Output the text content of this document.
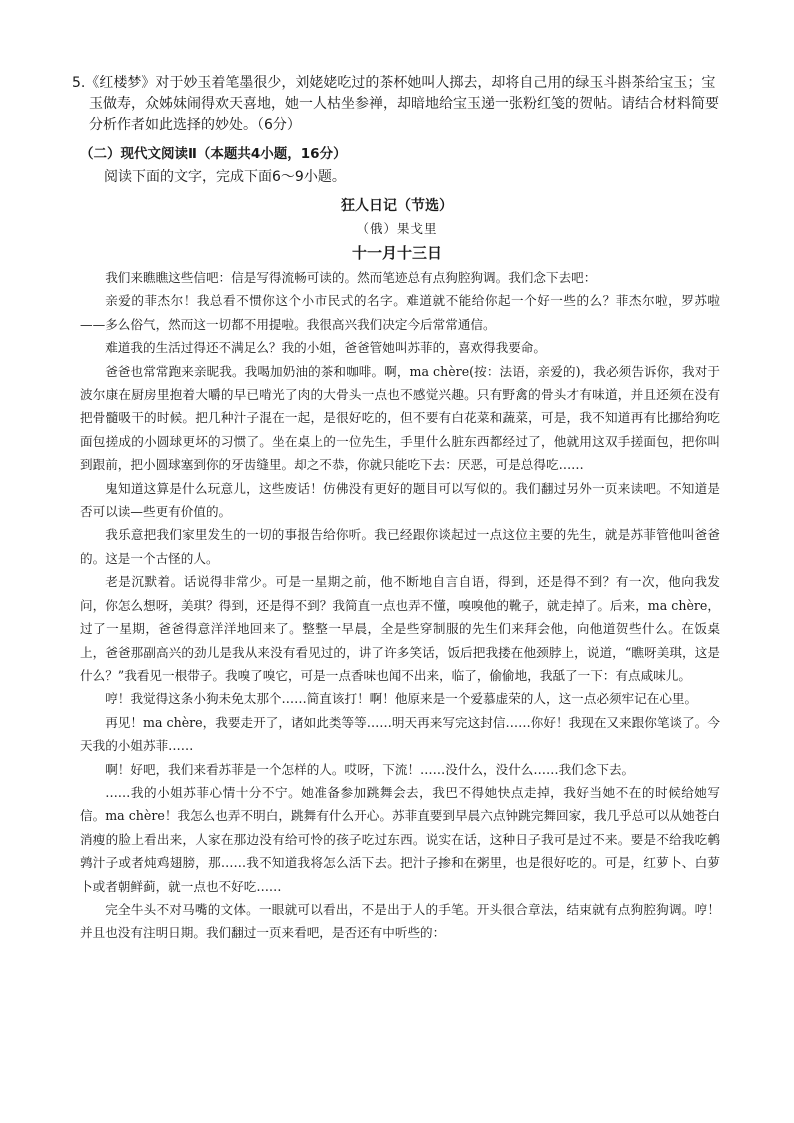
5.《红楼梦》对于妙玉着笔墨很少，刘姥姥吃过的茶杯她叫人掷去，却将自己用的绿玉斗斟茶给宝玉；宝玉做寿，众姊妹闹得欢天喜地，她一人枯坐参禅，却暗地给宝玉递一张粉红笺的贺帖。请结合材料简要分析作者如此选择的妙处。（6分）
（二）现代文阅读Ⅱ（本题共4小题，16分）
阅读下面的文字，完成下面6～9小题。
狂人日记（节选）
（俄）果戈里
十一月十三日

我们来瞧瞧这些信吧：信是写得流畅可读的。然而笔迹总有点狗腔狗调。我们念下去吧：

亲爱的菲杰尔！我总看不惯你这个小市民式的名字。难道就不能给你起一个好一些的么？菲杰尔啦，罗苏啦——多么俗气，然而这一切都不用提啦。我很高兴我们决定今后常常通信。

难道我的生活过得还不满足么？我的小姐，爸爸管她叫苏菲的，喜欢得我要命。

爸爸也常常跑来亲昵我。我喝加奶油的茶和咖啡。啊，ma chère(按：法语，亲爱的)，我必须告诉你，我对于波尔康在厨房里抱着大嚼的早已啃光了肉的大骨头一点也不感觉兴趣。只有野禽的骨头才有味道，并且还须在没有把骨髓吸干的时候。把几种汁子混在一起，是很好吃的，但不要有白花菜和蔬菜，可是，我不知道再有比挪给狗吃面包搓成的小圆球更坏的习惯了。坐在桌上的一位先生，手里什么脏东西都经过了，他就用这双手搓面包，把你叫到跟前，把小圆球塞到你的牙齿缝里。却之不恭，你就只能吃下去：厌恶，可是总得吃……

鬼知道这算是什么玩意儿，这些废话！仿佛没有更好的题目可以写似的。我们翻过另外一页来读吧。不知道是否可以读—些更有价值的。

我乐意把我们家里发生的一切的事报告给你听。我已经跟你谈起过一点这位主要的先生，就是苏菲管他叫爸爸的。这是一个古怪的人。

老是沉默着。话说得非常少。可是一星期之前，他不断地自言自语，得到，还是得不到？有一次，他向我发问，你怎么想呀，美琪？得到，还是得不到？我简直一点也弄不懂，嗅嗅他的靴子，就走掉了。后来，ma chère，过了一星期，爸爸得意洋洋地回来了。整整一早晨，全是些穿制服的先生们来拜会他，向他道贺些什么。在饭桌上，爸爸那副高兴的劲儿是我从来没有看见过的，讲了许多笑话，饭后把我搂在他颈脖上，说道，“瞧呀美琪，这是什么？”我看见一根带子。我嗅了嗅它，可是一点香味也闻不出来，临了，偷偷地，我舐了一下：有点咸味儿。

哼！我觉得这条小狗未免太那个……简直该打！啊！他原来是一个爱慕虚荣的人，这一点必须牢记在心里。

再见！ma chère，我要走开了，诸如此类等等……明天再来写完这封信……你好！我现在又来跟你笔谈了。今天我的小姐苏菲……

啊！好吧，我们来看苏菲是一个怎样的人。哎呀，下流！……没什么，没什么……我们念下去。

……我的小姐苏菲心情十分不宁。她准备参加跳舞会去，我巴不得她快点走掉，我好当她不在的时候给她写信。ma chère！我怎么也弄不明白，跳舞有什么开心。苏菲直要到早晨六点钟跳完舞回家，我几乎总可以从她苍白消瘦的脸上看出来，人家在那边没有给可怜的孩子吃过东西。说实在话，这种日子我可是过不来。要是不给我吃鹌鹑汁子或者炖鸡翅膀，那……我不知道我将怎么活下去。把汁子掺和在粥里，也是很好吃的。可是，红萝卜、白萝卜或者朝鲜蓟，就一点也不好吃……

完全牛头不对马嘴的文体。一眼就可以看出，不是出于人的手笔。开头很合章法，结束就有点狗腔狗调。哼！并且也没有注明日期。我们翻过一页来看吧，是否还有中听些的：
